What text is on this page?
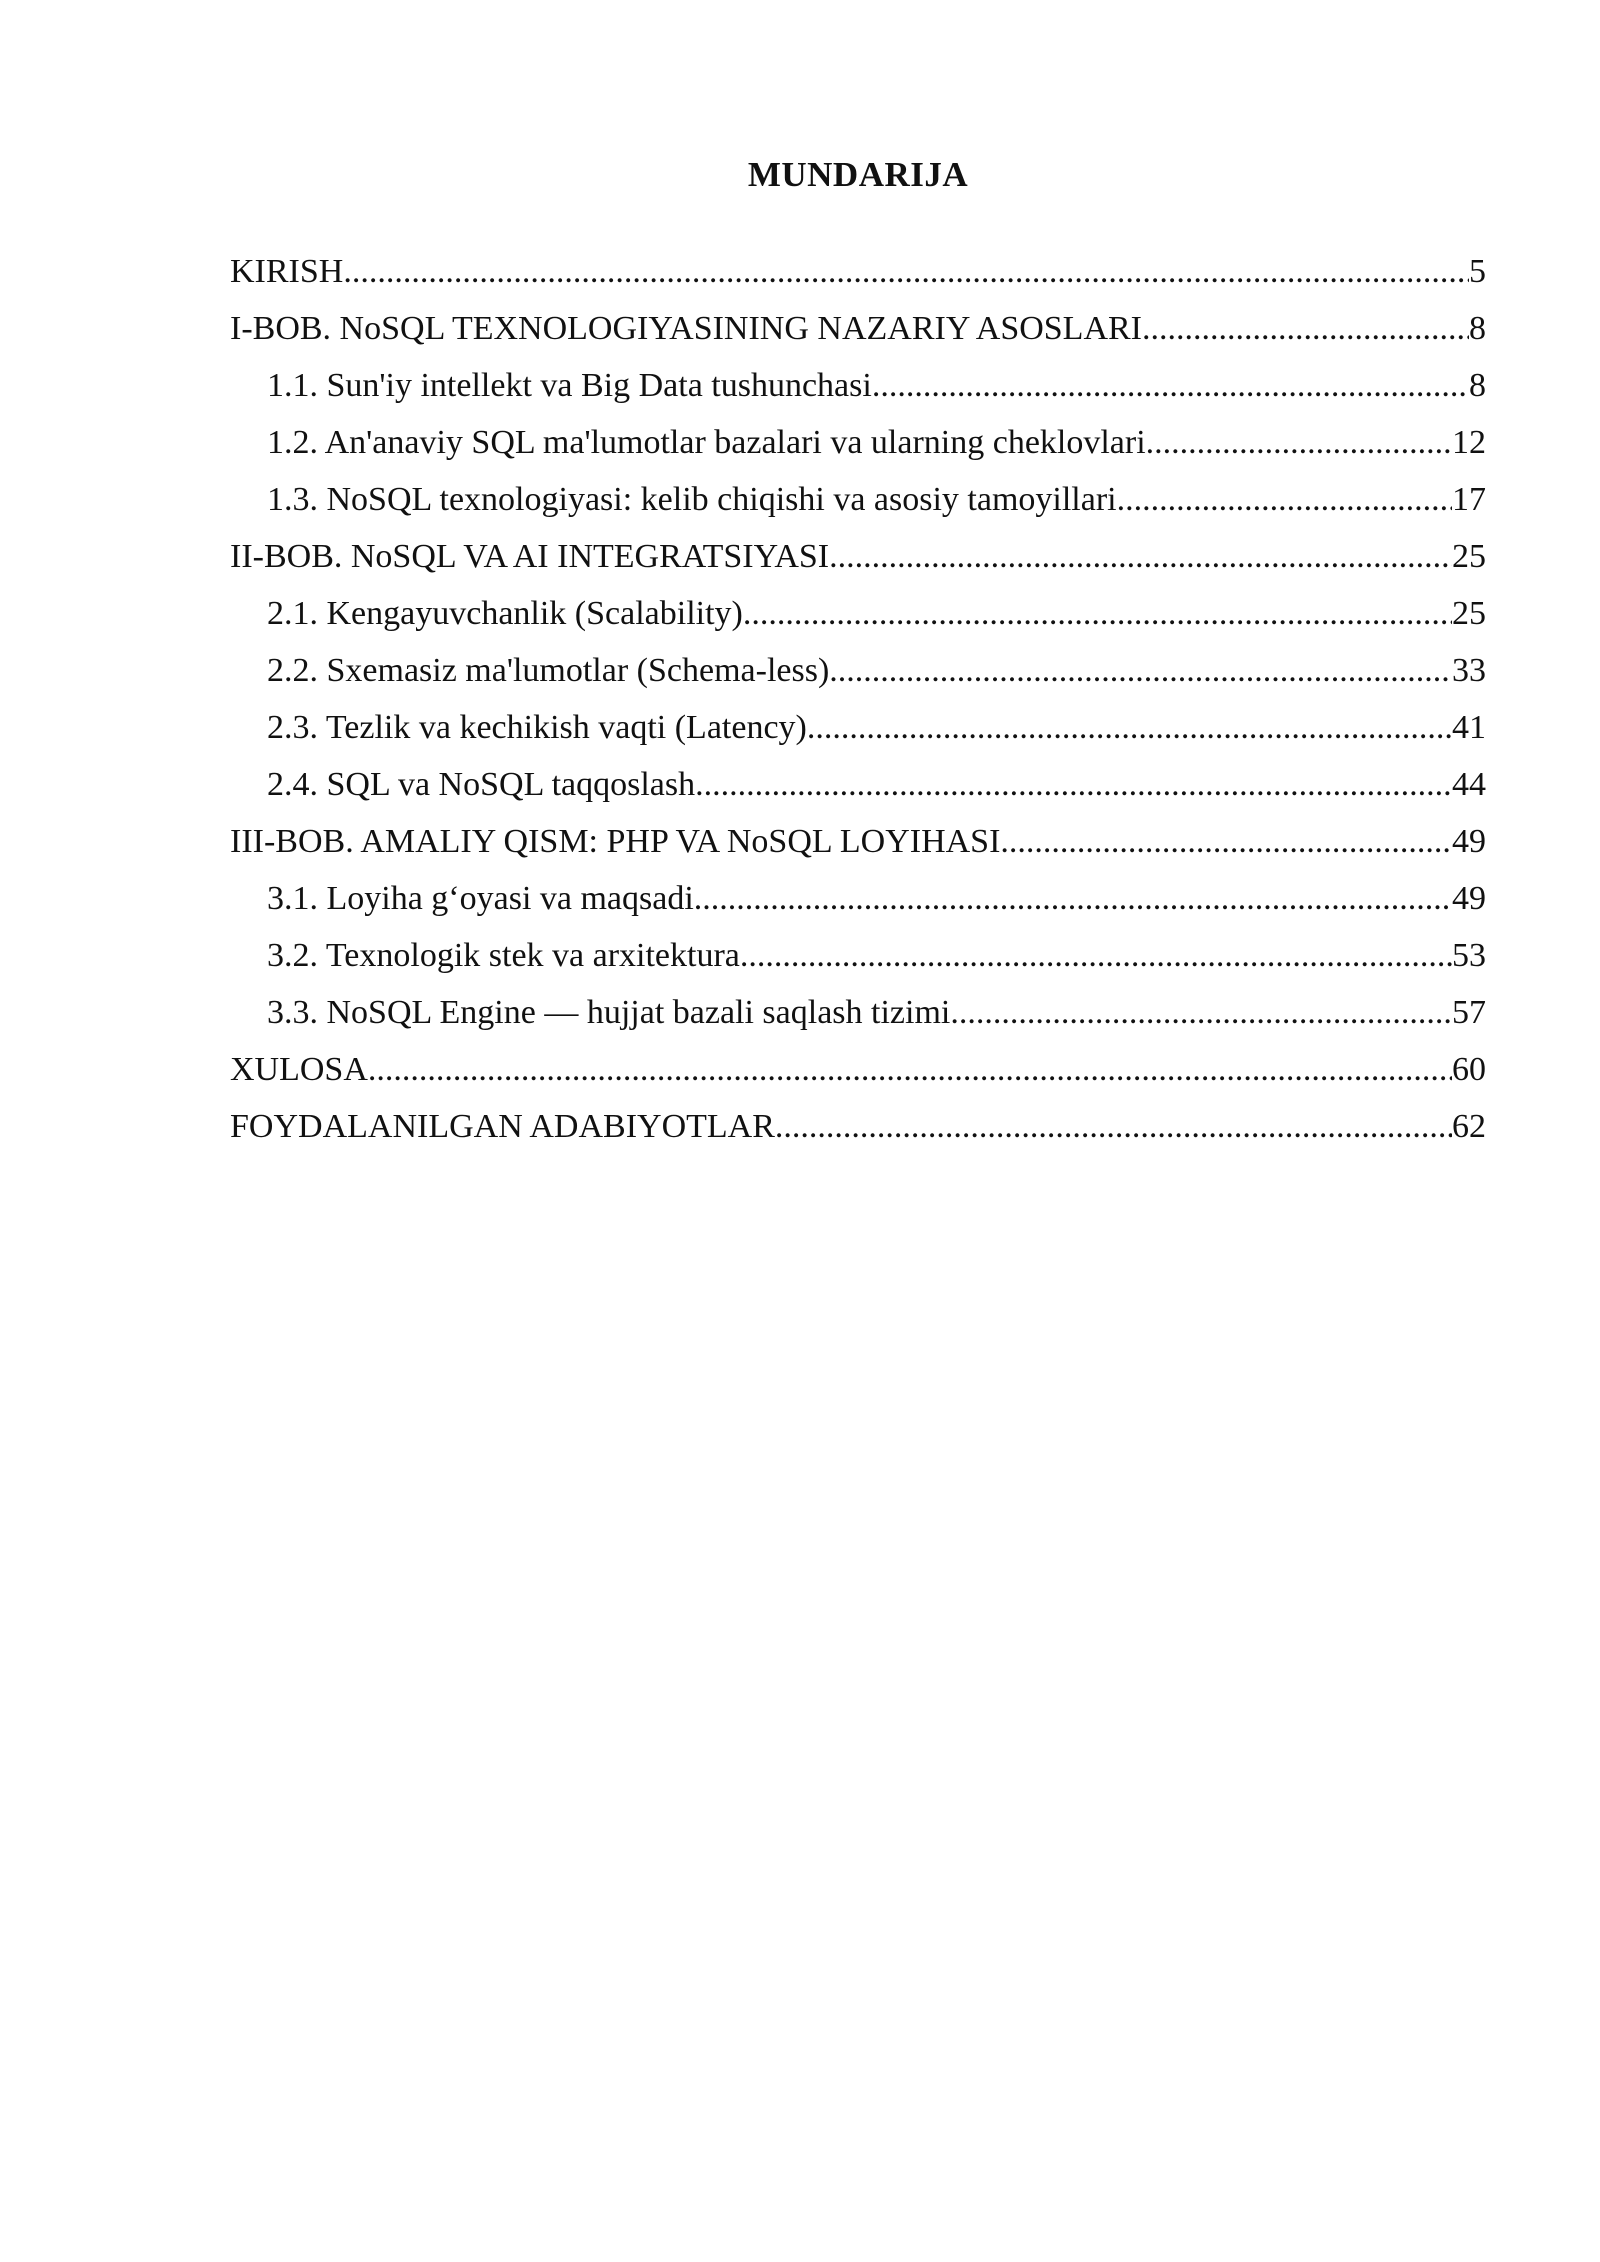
MUNDARIJA
KIRISH .....	5
I-BOB. NoSQL TEXNOLOGIYASINING NAZARIY ASOSLARI .....	8
1.1. Sun'iy intellekt va Big Data tushunchasi .....	8
1.2. An'anaviy SQL ma'lumotlar bazalari va ularning cheklovlari .....	12
1.3. NoSQL texnologiyasi: kelib chiqishi va asosiy tamoyillari .....	17
II-BOB. NoSQL VA AI INTEGRATSIYASI .....	25
2.1. Kengayuvchanlik (Scalability) .....	25
2.2. Sxemasiz ma'lumotlar (Schema-less) .....	33
2.3. Tezlik va kechikish vaqti (Latency) .....	41
2.4. SQL va NoSQL taqqoslash .....	44
III-BOB. AMALIY QISM: PHP VA NoSQL LOYIHASI .....	49
3.1. Loyiha g‘oyasi va maqsadi .....	49
3.2. Texnologik stek va arxitektura .....	53
3.3. NoSQL Engine — hujjat bazali saqlash tizimi .....	57
XULOSA .....	60
FOYDALANILGAN ADABIYOTLAR .....	62
